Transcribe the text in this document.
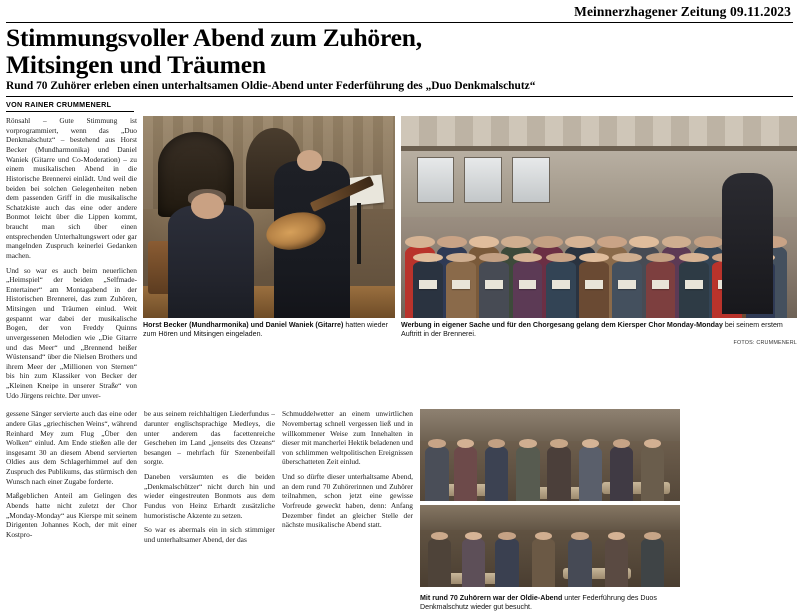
Meinnerzhagener Zeitung 09.11.2023
Stimmungsvoller Abend zum Zuhören,
Mitsingen und Träumen
Rund 70 Zuhörer erleben einen unterhaltsamen Oldie-Abend unter Federführung des „Duo Denkmalschutz“
VON RAINER CRUMMENERL

Rönsahl – Gute Stimmung ist vorprogrammiert, wenn das „Duo Denkmalschutz“ – bestehend aus Horst Becker (Mundharmonika) und Daniel Waniek (Gitarre und Co-Moderation) – zu einem musikalischen Abend in die Historische Brennerei einlädt. Und weil die beiden bei solchen Gelegenheiten neben dem passenden Griff in die musikalische Schatzkiste auch das eine oder andere Bonmot leicht über die Lippen kommt, braucht man sich über einen entsprechenden Unterhaltungswert oder gar mangelnden Zuspruch keinerlei Gedanken machen.

Und so war es auch beim neuerlichen „Heimspiel“ der beiden „Selfmade-Entertainer“ am Montagabend in der Historischen Brennerei, das zum Zuhören, Mitsingen und Träumen einlud. Weit gespannt war dabei der musikalische Bogen, der von Freddy Quinns unvergessenen Melodien wie „Die Gitarre und das Meer“ und „Brennend heißer Wüstensand“ über die Nielsen Brothers und ihrem Meer der „Millionen von Sternen“ bis hin zum Klassiker von Becker der „Kleinen Kneipe in unserer Straße“ von Udo Jürgens reichte. Der unver-

Horst Becker (Mundharmonika) und Daniel Waniek (Gitarre) hatten wieder zum Hören und Mitsingen eingeladen.
Werbung in eigener Sache und für den Chorgesang gelang dem Kiersper Chor Monday-Monday bei seinem erstem Auftritt in der Brennerei.
FOTOS: CRUMMENERL

gessene Sänger servierte auch das eine oder andere Glas „griechischen Weins“, während Reinhard Mey zum Flug „Über den Wolken“ einlud. Am Ende stießen alle der insgesamt 30 an diesem Abend servierten Oldies aus dem Schlagerhimmel auf den Zuspruch des Publikums, das stürmisch den Wunsch nach einer Zugabe forderte.

Maßgeblichen Anteil am Gelingen des Abends hatte nicht zuletzt der Chor „Monday-Monday“ aus Kierspe mit seinem Dirigenten Johannes Koch, der mit einer Kostpro-

be aus seinem reichhaltigen Liederfundus – darunter englischsprachige Medleys, die unter anderem das facettenreiche Geschehen im Land „jenseits des Ozeans“ besangen – mehrfach für Szenenbeifall sorgte.

Daneben versäumten es die beiden „Denkmalschützer“ nicht durch hin und wieder eingestreuten Bonmots aus dem Fundus von Heinz Erhardt zusätzliche humoristische Akzente zu setzen.

So war es abermals ein in sich stimmiger und unterhaltsamer Abend, der das

Schmuddelwetter an einem unwirtlichen Novembertag schnell vergessen ließ und in willkommener Weise zum Innehalten in dieser mit mancherlei Hektik beladenen und von schlimmen weltpolitischen Ereignissen überschatteten Zeit einlud.

Und so dürfte dieser unterhaltsame Abend, an dem rund 70 Zuhörerinnen und Zuhörer teilnahmen, schon jetzt eine gewisse Vorfreude geweckt haben, denn: Anfang Dezember findet an gleicher Stelle der nächste musikalische Abend statt.

Mit rund 70 Zuhörern war der Oldie-Abend unter Federführung des Duos Denkmalschutz wieder gut besucht.
